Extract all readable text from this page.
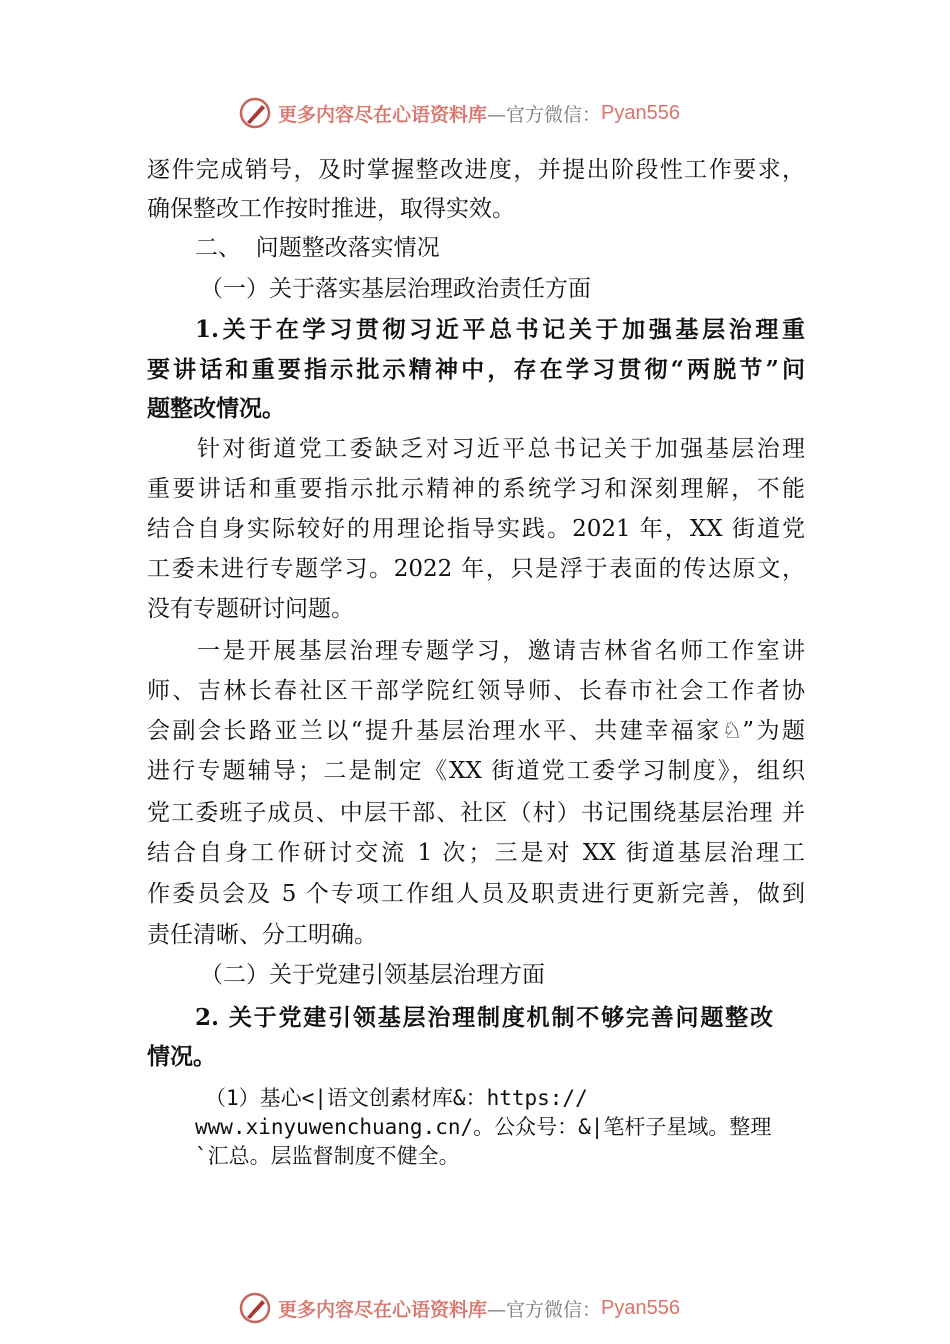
更多内容尽在心语资料库 —官方微信： Pyan556
逐件完成销号，及时掌握整改进度，并提出阶段性工作要求，
确保整改工作按时推进，取得实效。
二、  问题整改落实情况
（一）关于落实基层治理政治责任方面
1.关于在学习贯彻习近平总书记关于加强基层治理重
要讲话和重要指示批示精神中，存在学习贯彻“两脱节”问
题整改情况。
针对街道党工委缺乏对习近平总书记关于加强基层治理
重要讲话和重要指示批示精神的系统学习和深刻理解，不能
结合自身实际较好的用理论指导实践。2021 年，XX 街道党
工委未进行专题学习。2022 年，只是浮于表面的传达原文，
没有专题研讨问题。
一是开展基层治理专题学习，邀请吉林省名师工作室讲
师、吉林长春社区干部学院红领导师、长春市社会工作者协
会副会长路亚兰以“提升基层治理水平、共建幸福家♘”为题
进行专题辅导；二是制定《XX 街道党工委学习制度》，组织
党工委班子成员、中层干部、社区（村）书记围绕基层治理 并
结合自身工作研讨交流 1 次；三是对 XX 街道基层治理工
作委员会及 5 个专项工作组人员及职责进行更新完善，做到
责任清晰、分工明确。
（二）关于党建引领基层治理方面
2. 关于党建引领基层治理制度机制不够完善问题整改
情况。
（1）基心<|语文创素材库&：https://
www.xinyuwenchuang.cn/。公众号：&|笔杆子星域。整理
`汇总。层监督制度不健全。
更多内容尽在心语资料库 —官方微信： Pyan556
